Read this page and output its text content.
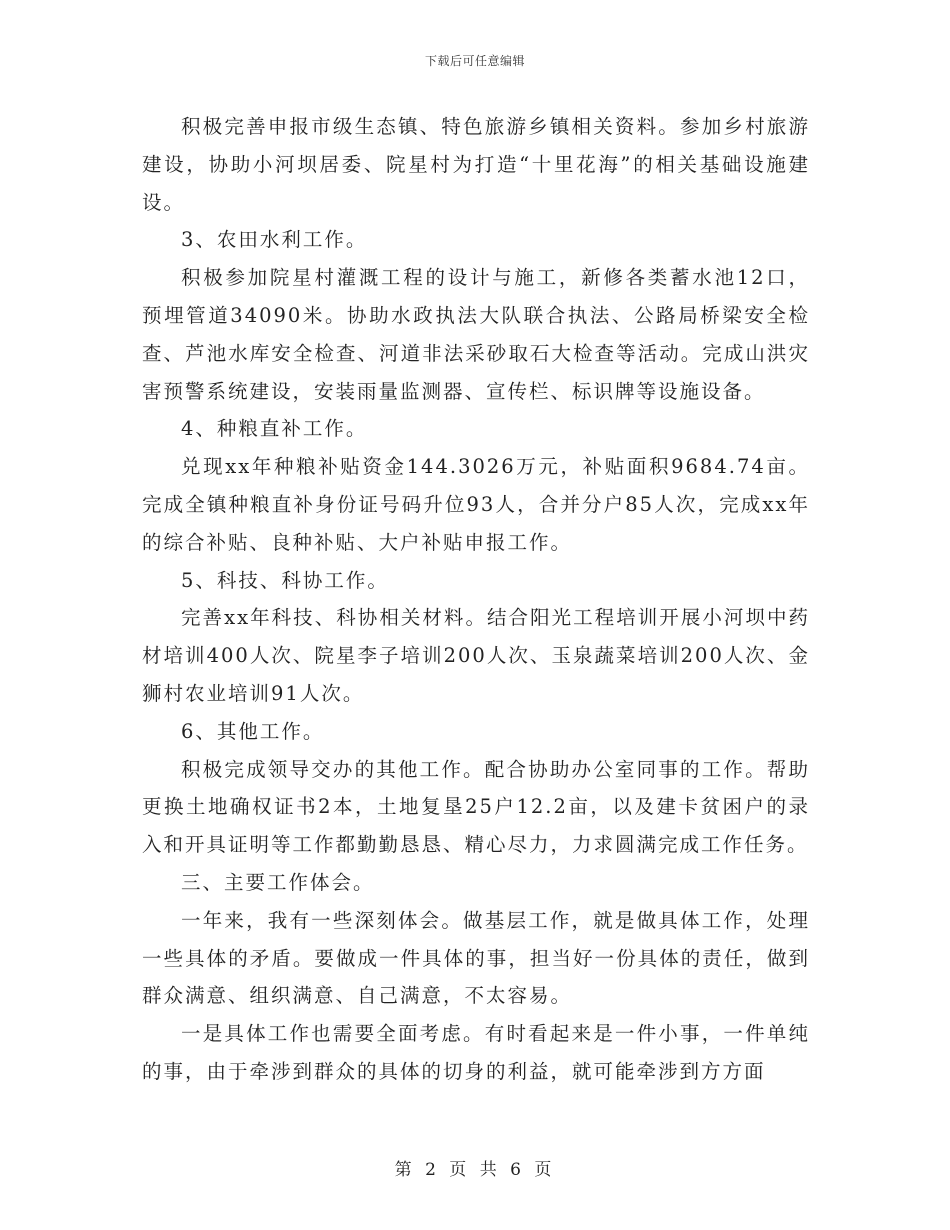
下载后可任意编辑

积极完善申报市级生态镇、特色旅游乡镇相关资料。参加乡村旅游建设，协助小河坝居委、院星村为打造“十里花海”的相关基础设施建设。

3、农田水利工作。

积极参加院星村灌溉工程的设计与施工，新修各类蓄水池12口，预埋管道34090米。协助水政执法大队联合执法、公路局桥梁安全检查、芦池水库安全检查、河道非法采砂取石大检查等活动。完成山洪灾害预警系统建设，安装雨量监测器、宣传栏、标识牌等设施设备。

4、种粮直补工作。

兑现xx年种粮补贴资金144.3026万元，补贴面积9684.74亩。完成全镇种粮直补身份证号码升位93人，合并分户85人次，完成xx年的综合补贴、良种补贴、大户补贴申报工作。

5、科技、科协工作。

完善xx年科技、科协相关材料。结合阳光工程培训开展小河坝中药材培训400人次、院星李子培训200人次、玉泉蔬菜培训200人次、金狮村农业培训91人次。

6、其他工作。

积极完成领导交办的其他工作。配合协助办公室同事的工作。帮助更换土地确权证书2本，土地复垦25户12.2亩，以及建卡贫困户的录入和开具证明等工作都勤勤恳恳、精心尽力，力求圆满完成工作任务。

三、主要工作体会。

一年来，我有一些深刻体会。做基层工作，就是做具体工作，处理一些具体的矛盾。要做成一件具体的事，担当好一份具体的责任，做到群众满意、组织满意、自己满意，不太容易。

一是具体工作也需要全面考虑。有时看起来是一件小事，一件单纯的事，由于牵涉到群众的具体的切身的利益，就可能牵涉到方方面

第 2 页 共 6 页
